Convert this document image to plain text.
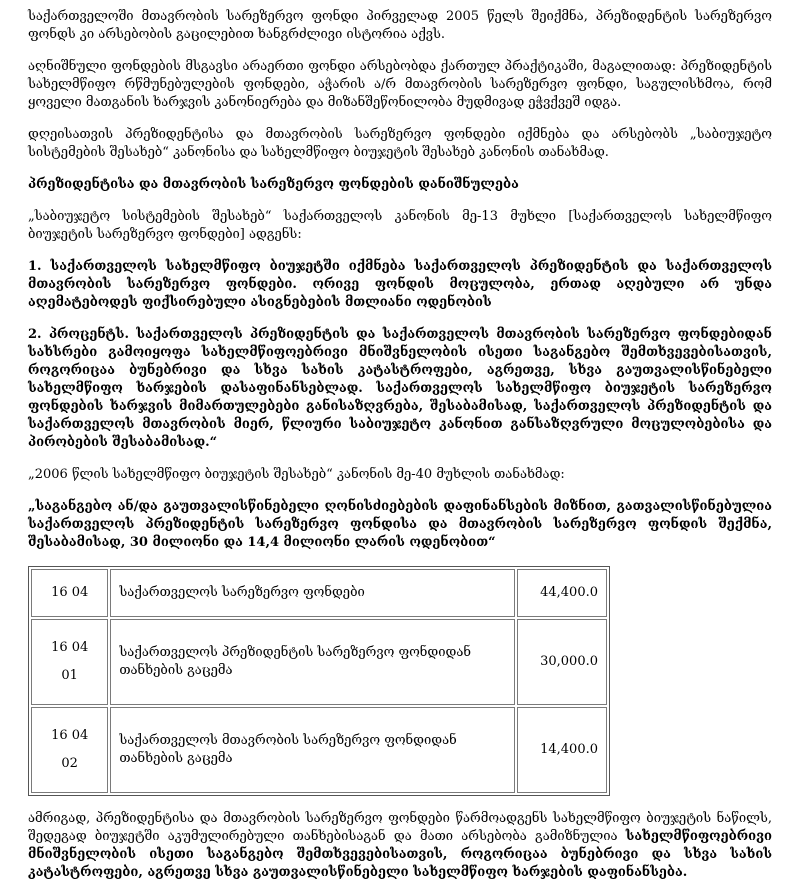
საქართველოში მთავრობის სარეზერვო ფონდი პირველად 2005 წელს შეიქმნა, პრეზიდენტის სარეზერვო ფონდს კი არსებობის გაცილებით ხანგრძლივი ისტორია აქვს.

აღნიშნული ფონდების მსგავსი არაერთი ფონდი არსებობდა ქართულ პრაქტიკაში, მაგალითად: პრეზიდენტის სახელმწიფო რწმუნებულების ფონდები, აჭარის ა/რ მთავრობის სარეზერვო ფონდი, საგულისხმოა, რომ ყოველი მათგანის ხარჯვის კანონიერება და მიზანშეწონილობა მუდმივად ეჭვქვეშ იდგა.

დღეისათვის პრეზიდენტისა და მთავრობის სარეზერვო ფონდები იქმნება და არსებობს „საბიუჯეტო სისტემების შესახებ“ კანონისა და სახელმწიფო ბიუჯეტის შესახებ კანონის თანახმად.

პრეზიდენტისა და მთავრობის სარეზერვო ფონდების დანიშნულება

„საბიუჯეტო სისტემების შესახებ“ საქართველოს კანონის მე-13 მუხლი [საქართველოს სახელმწიფო ბიუჯეტის სარეზერვო ფონდები] ადგენს:

1. საქართველოს სახელმწიფო ბიუჯეტში იქმნება საქართველოს პრეზიდენტის და საქართველოს მთავრობის სარეზერვო ფონდები. ორივე ფონდის მოცულობა, ერთად აღებული არ უნდა აღემატებოდეს ფიქსირებული ასიგნებების მთლიანი ოდენობის

2. პროცენტს. საქართველოს პრეზიდენტის და საქართველოს მთავრობის სარეზერვო ფონდებიდან სახსრები გამოიყოფა სახელმწიფოებრივი მნიშვნელობის ისეთი საგანგებო შემთხვევებისათვის, როგორიცაა ბუნებრივი და სხვა სახის კატასტროფები, აგრეთვე, სხვა გაუთვალისწინებელი სახელმწიფო ხარჯების დასაფინანსებლად. საქართველოს სახელმწიფო ბიუჯეტის სარეზერვო ფონდების ხარჯვის მიმართულებები განისაზღვრება, შესაბამისად, საქართველოს პრეზიდენტის და საქართველოს მთავრობის მიერ, წლიური საბიუჯეტო კანონით განსაზღვრული მოცულობებისა და პირობების შესაბამისად.“

„2006 წლის სახელმწიფო ბიუჯეტის შესახებ“ კანონის მე-40 მუხლის თანახმად:

„საგანგებო ან/და გაუთვალისწინებელი ღონისძიებების დაფინანსების მიზნით, გათვალისწინებულია საქართველოს პრეზიდენტის სარეზერვო ფონდისა და მთავრობის სარეზერვო ფონდის შექმნა, შესაბამისად, 30 მილიონი და 14,4 მილიონი ლარის ოდენობით“

16 04	საქართველოს სარეზერვო ფონდები	44,400.0

16 04
01	საქართველოს პრეზიდენტის სარეზერვო ფონდიდან თანხების გაცემა	30,000.0

16 04
02	საქართველოს მთავრობის სარეზერვო ფონდიდან თანხების გაცემა	14,400.0

ამრიგად, პრეზიდენტისა და მთავრობის სარეზერვო ფონდები წარმოადგენს სახელმწიფო ბიუჯეტის ნაწილს, შედეგად ბიუჯეტში აკუმულირებული თანხებისაგან და მათი არსებობა გამიზნულია სახელმწიფოებრივი მნიშვნელობის ისეთი საგანგებო შემთხვევებისათვის, როგორიცაა ბუნებრივი და სხვა სახის კატასტროფები, აგრეთვე სხვა გაუთვალისწინებელი სახელმწიფო ხარჯების დაფინანსება.
